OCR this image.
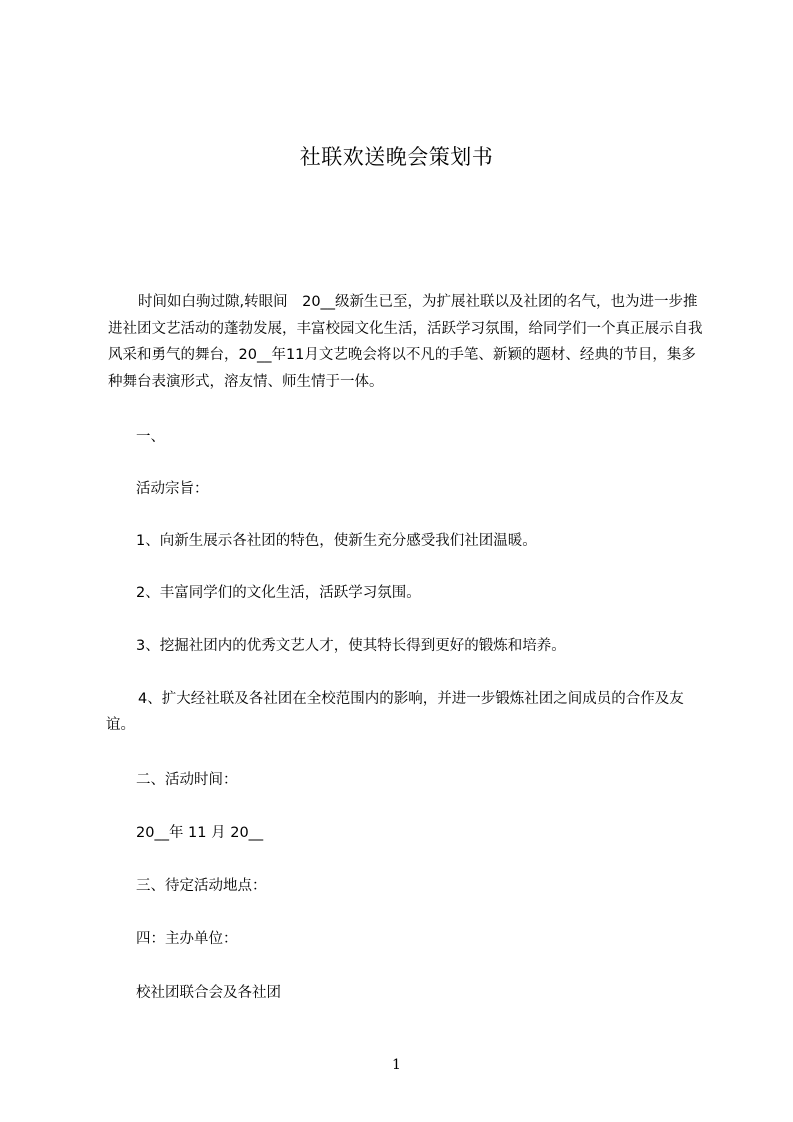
社联欢送晚会策划书

时间如白驹过隙,转眼间　20__级新生已至，为扩展社联以及社团的名气，也为进一步推进社团文艺活动的蓬勃发展，丰富校园文化生活，活跃学习氛围，给同学们一个真正展示自我风采和勇气的舞台，20__年11月文艺晚会将以不凡的手笔、新颖的题材、经典的节目，集多种舞台表演形式，溶友情、师生情于一体。

一、

活动宗旨：

1、向新生展示各社团的特色，使新生充分感受我们社团温暖。

2、丰富同学们的文化生活，活跃学习氛围。

3、挖掘社团内的优秀文艺人才，使其特长得到更好的锻炼和培养。

4、扩大经社联及各社团在全校范围内的影响，并进一步锻炼社团之间成员的合作及友谊。

二、活动时间：

20__年 11 月 20__

三、待定活动地点：

四：主办单位：

校社团联合会及各社团

1
